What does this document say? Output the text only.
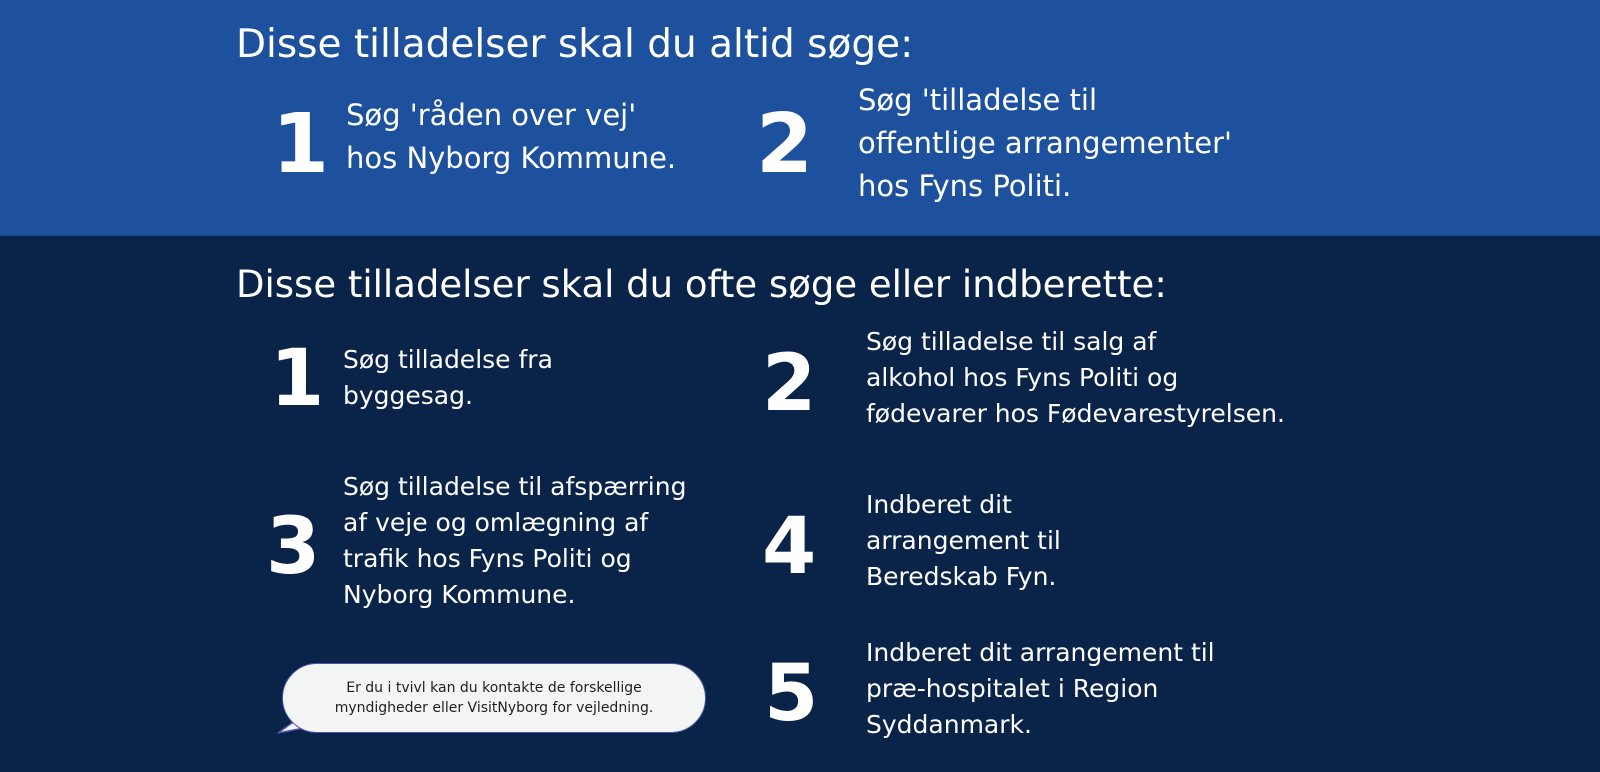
Disse tilladelser skal du altid søge:
1 Søg 'råden over vej'
hos Nyborg Kommune. 2 Søg 'tilladelse til
offentlige arrangementer'
hos Fyns Politi.
Disse tilladelser skal du ofte søge eller indberette:
1 Søg tilladelse fra
byggesag.	2 Søg tilladelse til salg af
alkohol hos Fyns Politi og
fødevarer hos Fødevarestyrelsen.
3
Søg tilladelse til afspærring
af veje og omlægning af
trafik hos Fyns Politi og
Nyborg Kommune.
4 Indberet dit
arrangement til
Beredskab Fyn.
5 Indberet dit arrangement til
præ-hospitalet i Region
Syddanmark.
Er du i tvivl kan du kontakte de forskellige
myndigheder eller VisitNyborg for vejledning.
